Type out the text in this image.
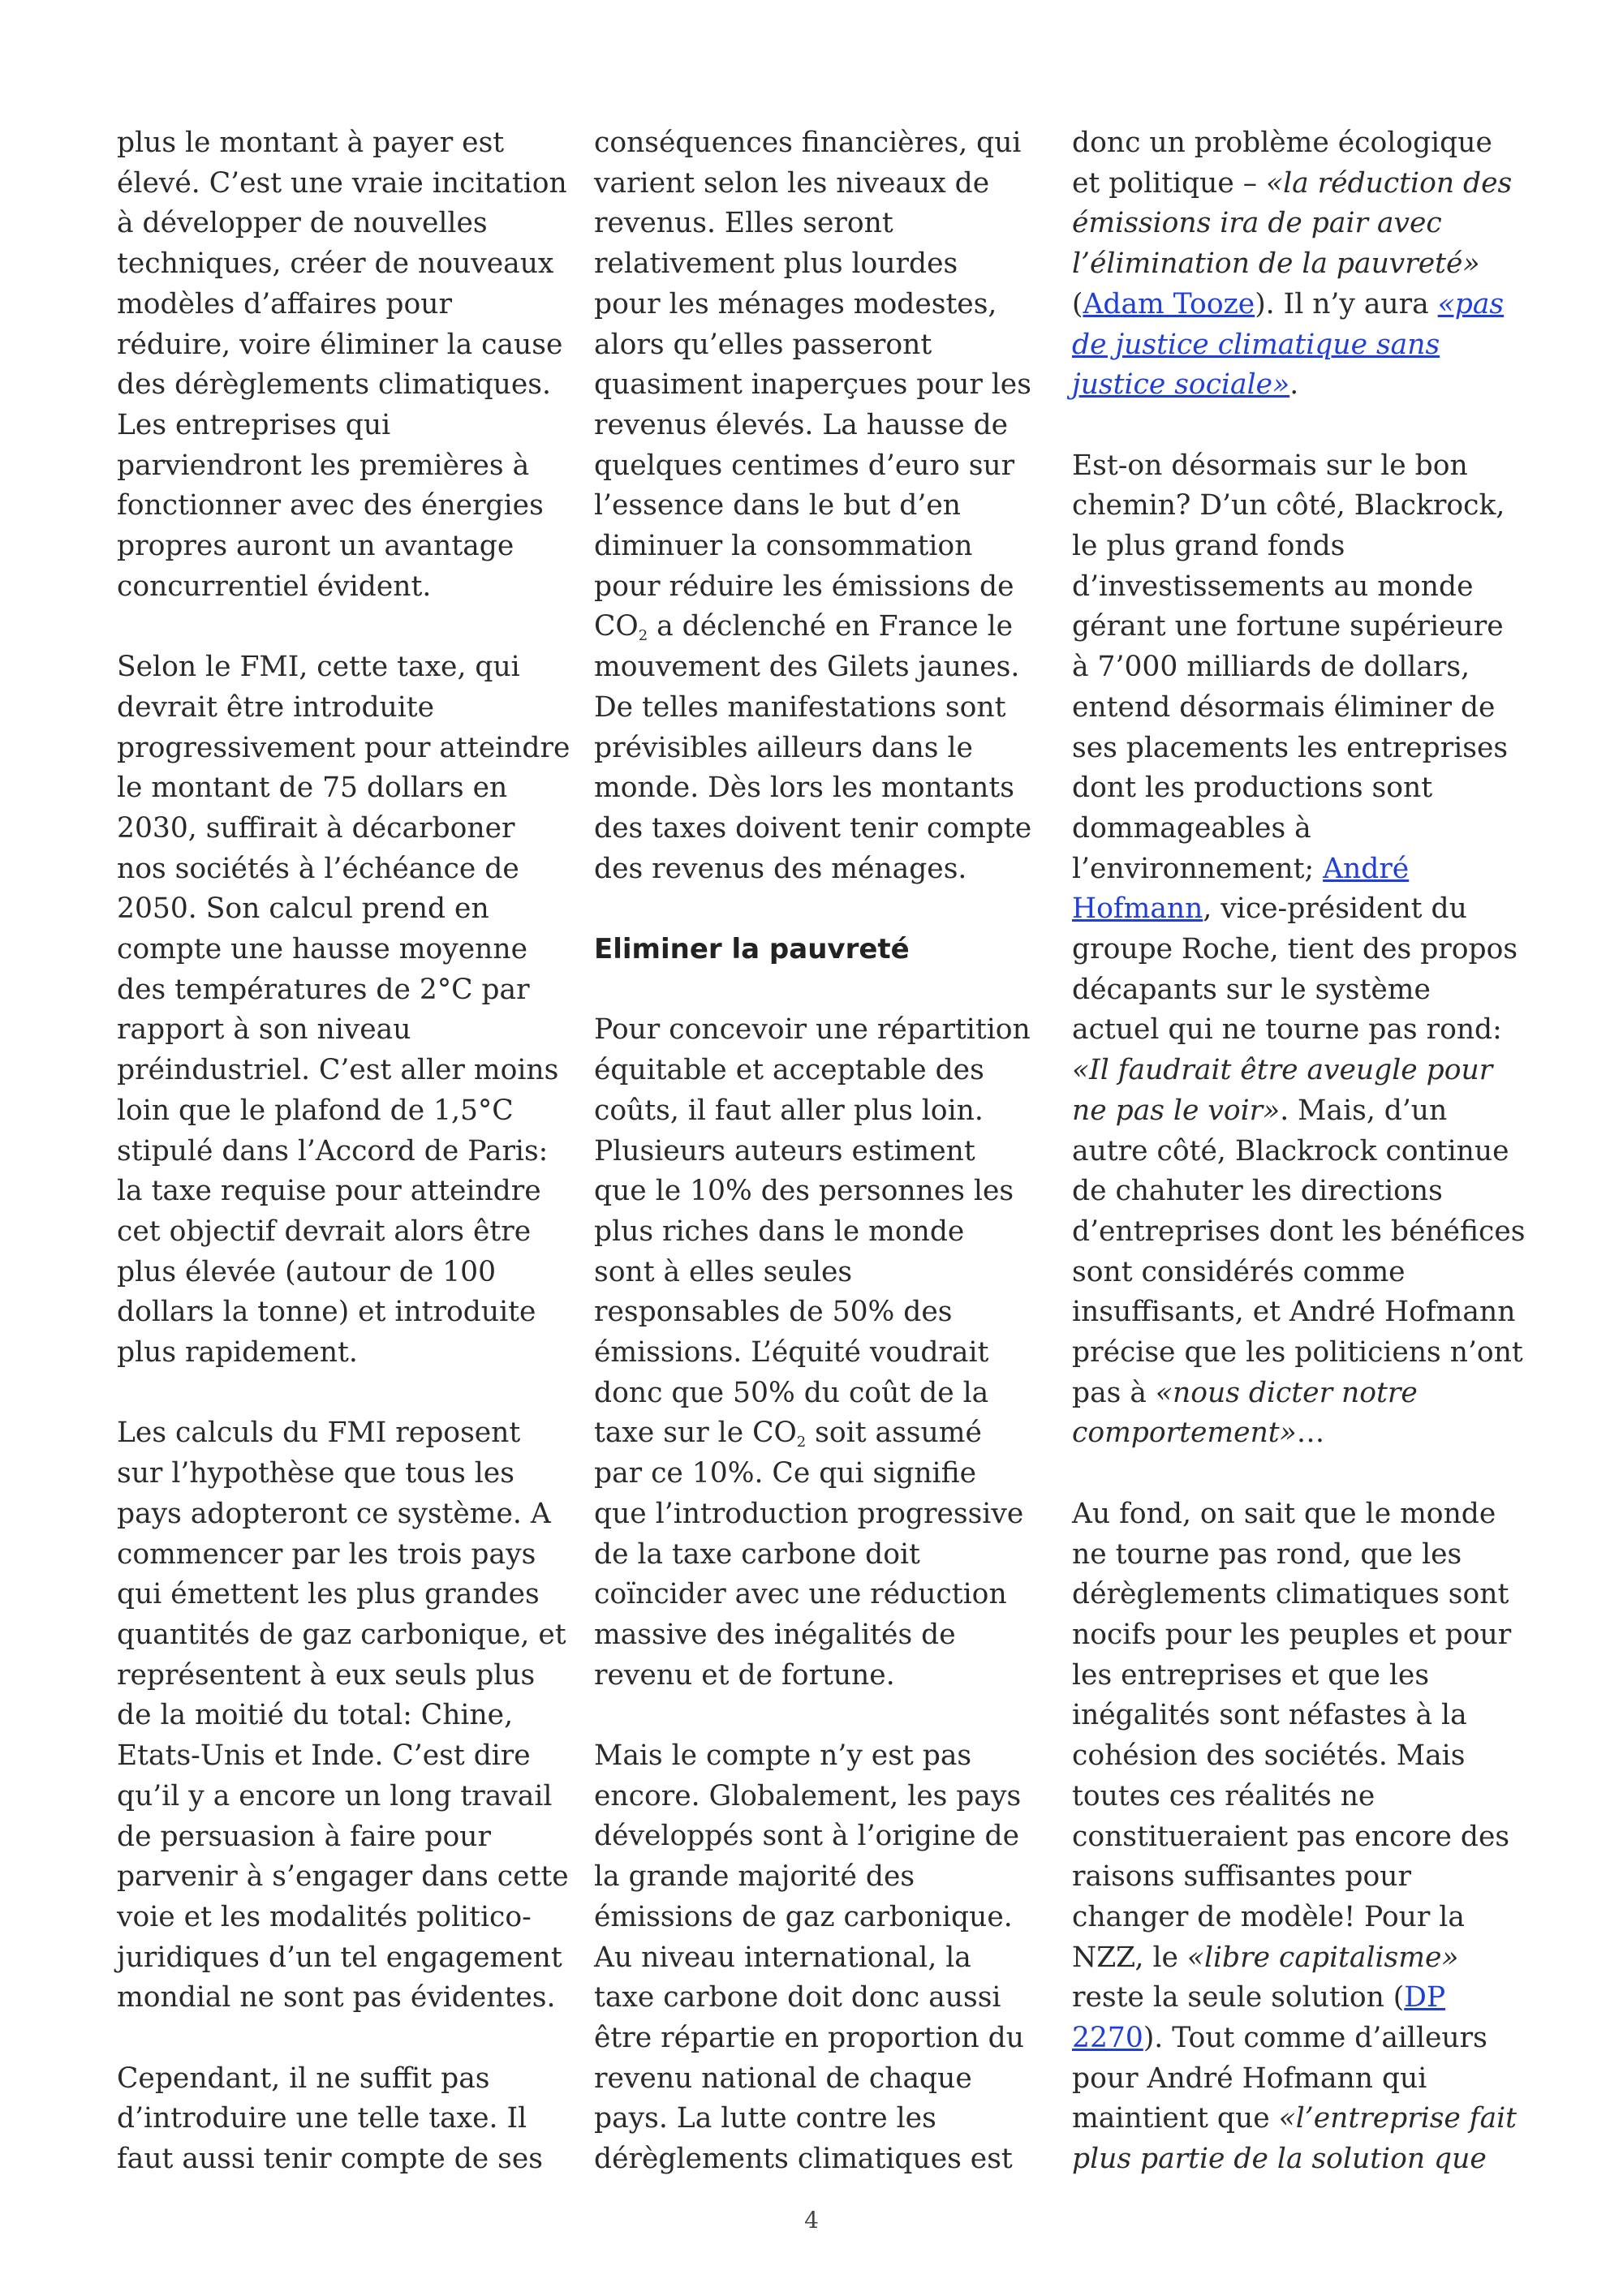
plus le montant à payer est élevé. C’est une vraie incitation à développer de nouvelles techniques, créer de nouveaux modèles d’affaires pour réduire, voire éliminer la cause des dérèglements climatiques. Les entreprises qui parviendront les premières à fonctionner avec des énergies propres auront un avantage concurrentiel évident.

Selon le FMI, cette taxe, qui devrait être introduite progressivement pour atteindre le montant de 75 dollars en 2030, suffirait à décarboner nos sociétés à l’échéance de 2050. Son calcul prend en compte une hausse moyenne des températures de 2°C par rapport à son niveau préindustriel. C’est aller moins loin que le plafond de 1,5°C stipulé dans l’Accord de Paris: la taxe requise pour atteindre cet objectif devrait alors être plus élevée (autour de 100 dollars la tonne) et introduite plus rapidement.

Les calculs du FMI reposent sur l’hypothèse que tous les pays adopteront ce système. A commencer par les trois pays qui émettent les plus grandes quantités de gaz carbonique, et représentent à eux seuls plus de la moitié du total: Chine, Etats-Unis et Inde. C’est dire qu’il y a encore un long travail de persuasion à faire pour parvenir à s’engager dans cette voie et les modalités politico-juridiques d’un tel engagement mondial ne sont pas évidentes.

Cependant, il ne suffit pas d’introduire une telle taxe. Il faut aussi tenir compte de ses

conséquences financières, qui varient selon les niveaux de revenus. Elles seront relativement plus lourdes pour les ménages modestes, alors qu’elles passeront quasiment inaperçues pour les revenus élevés. La hausse de quelques centimes d’euro sur l’essence dans le but d’en diminuer la consommation pour réduire les émissions de $CO_2$ a déclenché en France le mouvement des Gilets jaunes. De telles manifestations sont prévisibles ailleurs dans le monde. Dès lors les montants des taxes doivent tenir compte des revenus des ménages.

Eliminer la pauvreté

Pour concevoir une répartition équitable et acceptable des coûts, il faut aller plus loin. Plusieurs auteurs estiment que le 10% des personnes les plus riches dans le monde sont à elles seules responsables de 50% des émissions. L’équité voudrait donc que 50% du coût de la taxe sur le $CO_2$ soit assumé par ce 10%. Ce qui signifie que l’introduction progressive de la taxe carbone doit coïncider avec une réduction massive des inégalités de revenu et de fortune.

Mais le compte n’y est pas encore. Globalement, les pays développés sont à l’origine de la grande majorité des émissions de gaz carbonique. Au niveau international, la taxe carbone doit donc aussi être répartie en proportion du revenu national de chaque pays. La lutte contre les dérèglements climatiques est

donc un problème écologique et politique – «la réduction des émissions ira de pair avec l’élimination de la pauvreté» (Adam Tooze). Il n’y aura «pas de justice climatique sans justice sociale».

Est-on désormais sur le bon chemin? D’un côté, Blackrock, le plus grand fonds d’investissements au monde gérant une fortune supérieure à 7’000 milliards de dollars, entend désormais éliminer de ses placements les entreprises dont les productions sont dommageables à l’environnement; André Hofmann, vice-président du groupe Roche, tient des propos décapants sur le système actuel qui ne tourne pas rond: «Il faudrait être aveugle pour ne pas le voir». Mais, d’un autre côté, Blackrock continue de chahuter les directions d’entreprises dont les bénéfices sont considérés comme insuffisants, et André Hofmann précise que les politiciens n’ont pas à «nous dicter notre comportement»…

Au fond, on sait que le monde ne tourne pas rond, que les dérèglements climatiques sont nocifs pour les peuples et pour les entreprises et que les inégalités sont néfastes à la cohésion des sociétés. Mais toutes ces réalités ne constitueraient pas encore des raisons suffisantes pour changer de modèle! Pour la NZZ, le «libre capitalisme» reste la seule solution (DP 2270). Tout comme d’ailleurs pour André Hofmann qui maintient que «l’entreprise fait plus partie de la solution que

4
